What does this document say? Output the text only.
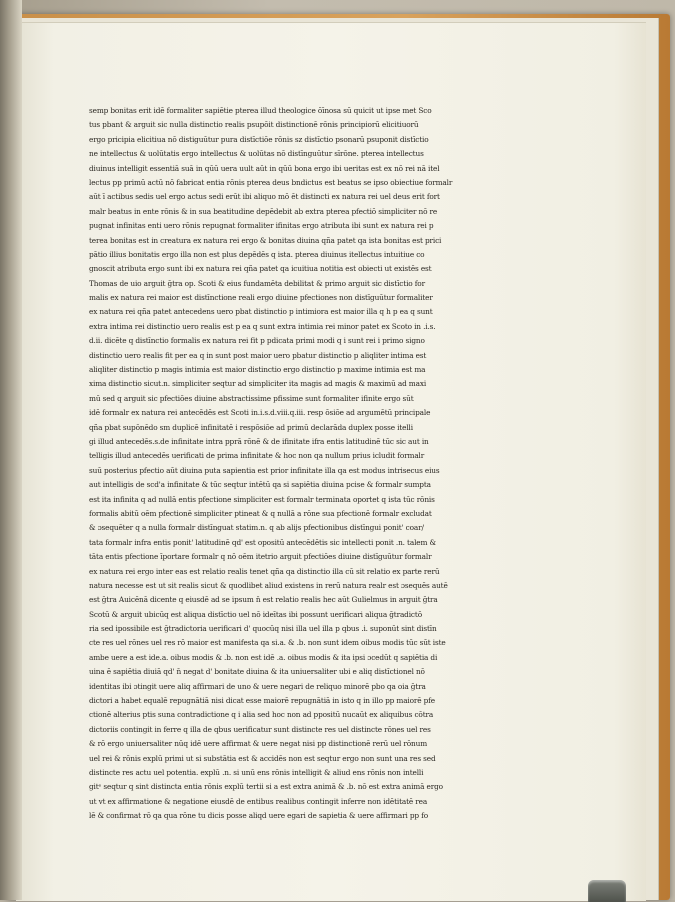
semp bonitas erit idē formaliter sapiētie pterea illud theologice ōīnosa sū quicit ut ipse met Sco

tus pbant & arguit sic nulla distinctio realis psupōit distinctionē rōnis principiorū elicitiuorū

ergo pricipia elicitiua nō distiguūtur pura distīctiōe rōnis sz distīctio psonarū psuponit distīctio

ne intellectus & uolūtatis ergo intellectus & uolūtas nō distīnguūtur sīrōne. pterea intellectus

diuinus intelligit essentiā suā in qūū uera uult aūt in qūū bona ergo ibi ueritas est ex nō rei nā itel

lectus pp primū actū nō fabricat entia rōnis pterea deus bndictus est beatus se ipso obiectiue formalr

aūt ī actibus sedis uel ergo actus sedi erūt ibi aliquo mō ēt distincti ex natura rei uel deus erit fort

malr beatus in ente rōnis & in sua beatitudine depēdebit ab extra pterea pfectiō simpliciter nō re

pugnat infinitas enti uero rōnis repugnat formaliter ifinitas ergo atributa ibi sunt ex natura rei p

terea bonitas est in creatura ex natura rei ergo & bonitas diuina qña patet qa ista bonitas est prici

pātio illius bonitatis ergo illa non est plus depēdēs q ista. pterea diuinus itellectus intuitiue co

gnoscit atributa ergo sunt ibi ex natura rei qña patet qa icuitiua notitia est obiecti ut existēs est

Thomas de uio arguit ḡtra op. Scoti & eius fundamēta debilitat & primo arguit sic distīctio for

malis ex natura rei maior est distīnctione reali ergo diuine pfectiones non distīguūtur formaliter

ex natura rei qña patet antecedens uero pbat distinctio p intimiora est maior illa q h p ea q sunt

extra intima rei distinctio uero realis est p ea q sunt extra intimia rei minor patet ex Scoto in .i.s.

d.ii. dicēte q distīnctio formalis ex natura rei fit p pdicata primi modi q i sunt rei i primo signo

distinctio uero realis fit per ea q in sunt post maior uero pbatur distinctio p aliqliter intima est

aliqliter distinctio p magis intimia est maior distinctio ergo distinctio p maxime intimia est ma

xima distinctio sicut.n. simpliciter seqtur ad simpliciter ita magis ad magis & maximū ad maxi

mū sed q arguit sic pfectiōes diuine abstractissime pfissime sunt formaliter ifinite ergo sūt

idē formalr ex natura rei antecēdēs est Scoti in.i.s.d.viii.q.iii. resp ōsiōe ad argumētū principale

qña pbat supōnēdo sm duplicē infinitatē i respōsiōe ad primū declarāda duplex posse itelli

gi illud antecedēs.s.de infinitate intra pprā rōnē & de ifinitate ifra entis latitudinē tūc sic aut in

telligis illud antecedēs uerificati de prima infinitate & hoc non qa nullum prius icludit formalr

suū posterius pfectio aūt diuina puta sapientia est prior infinitate illa qa est modus intrisecus eius

aut intelligis de scd'a infinitate & tūc seqtur intētū qa si sapiētia diuina pcise & formalr sumpta

est ita infinita q ad nullā entis pfectione simpliciter est formalr terminata oportet q ista tūc rōnis

formalis abitū oēm pfectionē simpliciter ptineat & q nullā a rōne sua pfectionē formalr excludat

& ɔsequēter q a nulla formalr distīnguat statim.n. q ab alijs pfectionibus distīngui ponit' coar/

tata formalr infra entis ponit' latitudinē qd' est opositū antecēdētis sic intellecti ponit .n. talem &

tāta entis pfectione īportare formalr q nō oēm itetrio arguit pfectiōes diuine distīguūtur formalr

ex natura rei ergo inter eas est relatio realis tenet qña qa distinctio illa cū sit relatio ex parte rerū

natura necesse est ut sit realis sicut & quodlibet aliud existens in rerū natura realr est ɔsequēs autē

est ḡtra Auicēnā dicente q eiusdē ad se ipsum n̄ est relatio realis hec aūt Gulielmus in arguit ḡtra

Scotū & arguit ubicūq est aliqua distīctio uel nō ideītas ibi possunt uerificari aliqua ḡtradictō

ria sed ipossibile est ḡtradictoria uerificari d' quocūq nisi illa uel illa p qbus .i. suponūt sint distīn

cte res uel rōnes uel res rō maior est manifesta qa si.a. & .b. non sunt idem oibus modis tūc sūt iste

ambe uere a est ide.a. oibus modis & .b. non est idē .a. oibus modis & ita ipsi ɔcedūt q sapiētia di

uina ē sapiētia diuiā qd' n̄ negat d' bonitate diuina & ita uniuersaliter ubi e aliq distīctionel nō

identitas ibi ɔtingit uere aliq affirmari de uno & uere negari de reliquo minorē pbo qa oia ḡtra

dictori a habet equalē repugnātiā nisi dicat esse maiorē repugnātiā in isto q in illo pp maiorē pfe

ctionē alterius ptis suna contradictione q i alia sed hoc non ad ppositū nucaūt ex aliquibus cōtra

dictoriis contingit in ferre q illa de qbus uerificatur sunt distincte res uel distincte rōnes uel res

& rō ergo uniuersaliter nūq idē uere affirmat & uere negat nisi pp distinctionē rerū uel rōnum

uel rei & rōnis explū primi ut si substātia est & accidēs non est seqtur ergo non sunt una res sed

distincte res actu uel potentia. explū .n. si unū ens rōnis intelligit & aliud ens rōnis non intelli

gitᵉ seqtur q sint distincta entia rōnis explū tertii si a est extra animā & .b. nō est extra animā ergo

ut vt ex affirmatione & negatione eiusdē de entibus realibus contingit inferre non idētitatē rea

lē & confirmat rō qa qua rōne tu dicis posse aliqd uere egari de sapietia & uere affirmari pp fo
